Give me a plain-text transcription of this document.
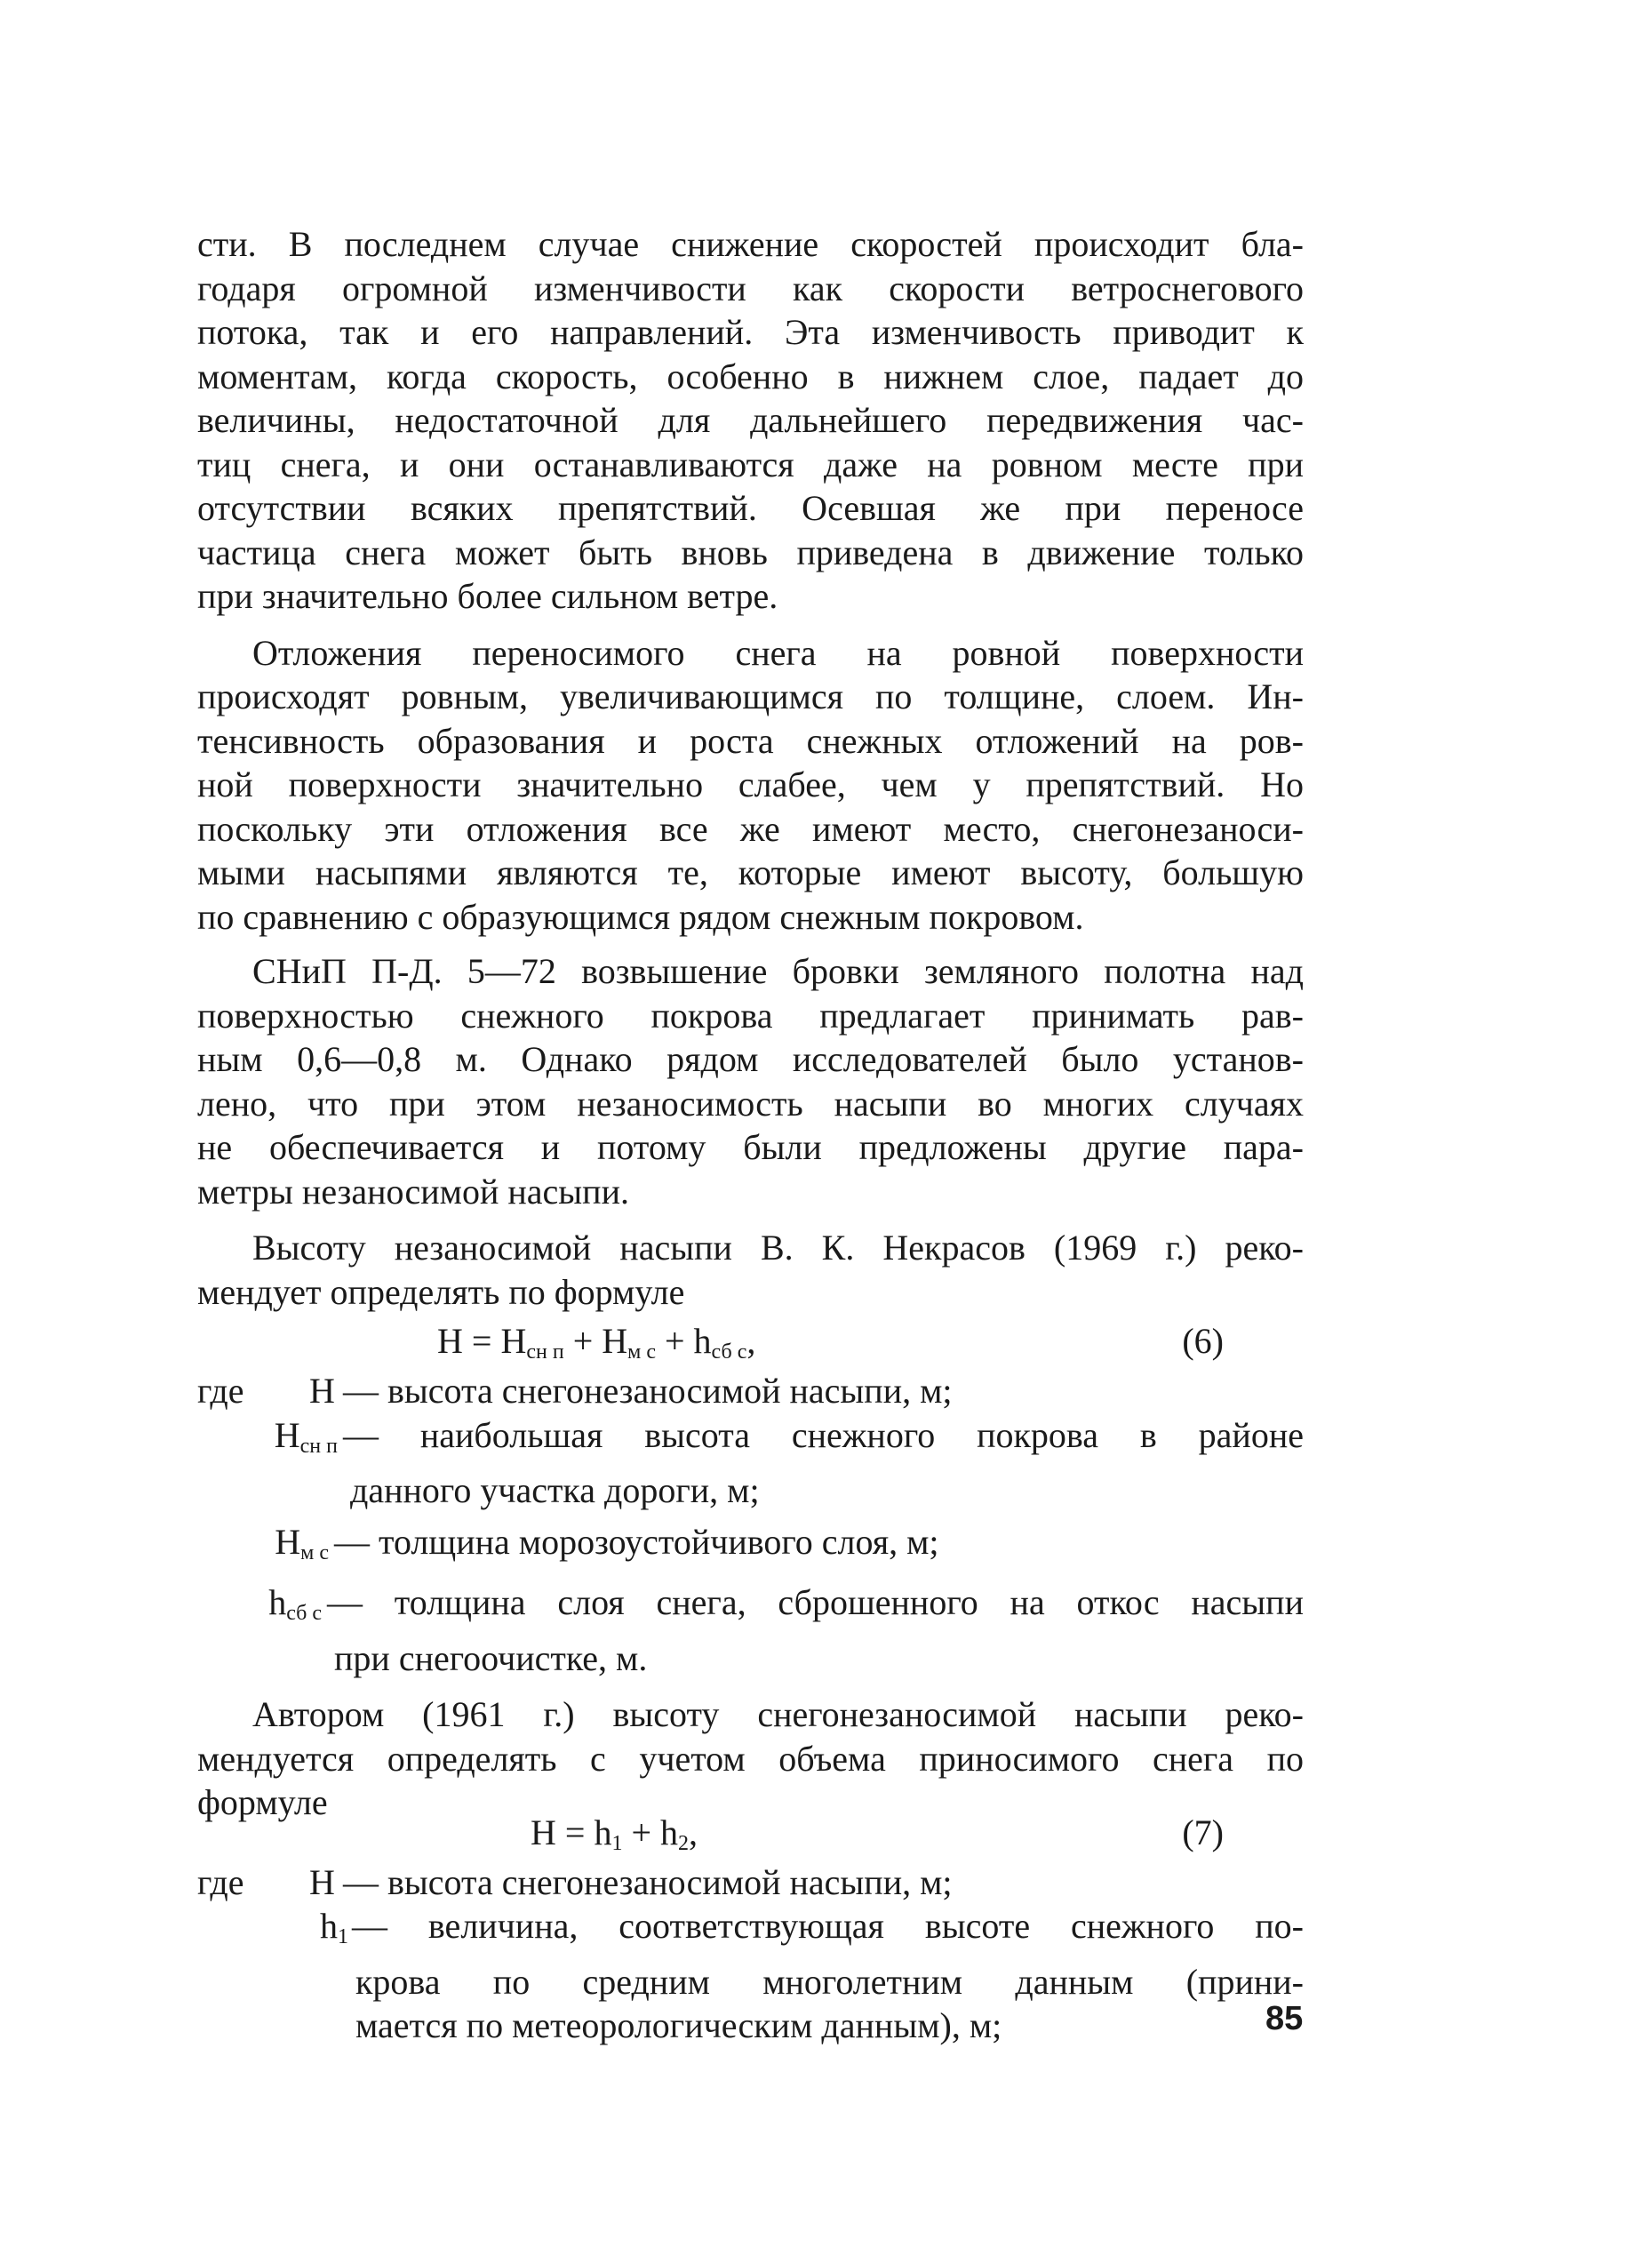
сти. В последнем случае снижение скоростей происходит бла-
годаря огромной изменчивости как скорости ветроснегового
потока, так и его направлений. Эта изменчивость приводит к
моментам, когда скорость, особенно в нижнем слое, падает до
величины, недостаточной для дальнейшего передвижения час-
тиц снега, и они останавливаются даже на ровном месте при
отсутствии всяких препятствий. Осевшая же при переносе
частица снега может быть вновь приведена в движение только
при значительно более сильном ветре.

Отложения переносимого снега на ровной поверхности
происходят ровным, увеличивающимся по толщине, слоем. Ин-
тенсивность образования и роста снежных отложений на ров-
ной поверхности значительно слабее, чем у препятствий. Но
поскольку эти отложения все же имеют место, снегонезаноси-
мыми насыпями являются те, которые имеют высоту, большую
по сравнению с образующимся рядом снежным покровом.

СНиП П-Д. 5—72 возвышение бровки земляного полотна над
поверхностью снежного покрова предлагает принимать рав-
ным 0,6—0,8 м. Однако рядом исследователей было установ-
лено, что при этом незаносимость насыпи во многих случаях
не обеспечивается и потому были предложены другие пара-
метры незаносимой насыпи.

Высоту незаносимой насыпи В. К. Некрасов (1969 г.) реко-
мендует определять по формуле

$H = H_{сн п} + H_{м с} + h_{сб с}$,	(6)
где	H — высота снегонезаносимой насыпи, м;
$H_{сн п}$ — наибольшая высота снежного покрова в районе
данного участка дороги, м;
$H_{м с}$ — толщина морозоустойчивого слоя, м;
$h_{сб с}$ — толщина слоя снега, сброшенного на откос насыпи
при снегоочистке, м.

Автором (1961 г.) высоту снегонезаносимой насыпи реко-
мендуется определять с учетом объема приносимого снега по
формуле

$H = h_1 + h_2$,	(7)
где	H — высота снегонезаносимой насыпи, м;
$h_1$ — величина, соответствующая высоте снежного по-
крова по средним многолетним данным (прини-
мается по метеорологическим данным), м;	85
